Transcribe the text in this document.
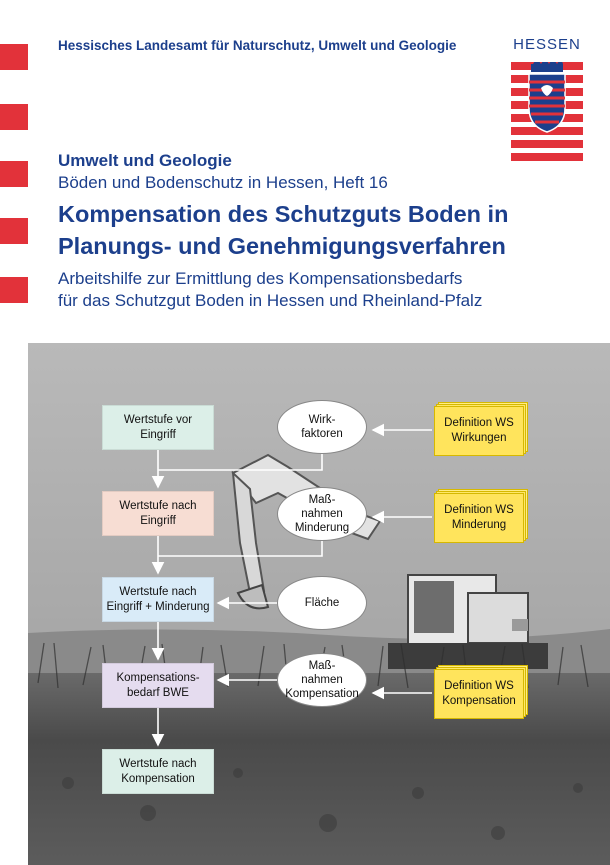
Hessisches Landesamt für Naturschutz, Umwelt und Geologie	HESSEN
Umwelt und Geologie
Böden und Bodenschutz in Hessen, Heft 16
Kompensation des Schutzguts Boden in
Planungs- und Genehmigungsverfahren
Arbeitshilfe zur Ermittlung des Kompensationsbedarfs
für das Schutzgut Boden in Hessen und Rheinland-Pfalz
Wertstufe vor
Eingriff
Wertstufe nach
Eingriff
Wertstufe nach
Eingriff + Minderung
Kompensations-
bedarf BWE
Wertstufe nach
Kompensation
Wirk-
faktoren
Maß-
nahmen
Minderung
Fläche
Maß-
nahmen
Kompensation
Definition WS
Wirkungen
Definition WS
Minderung
Definition WS
Kompensation
